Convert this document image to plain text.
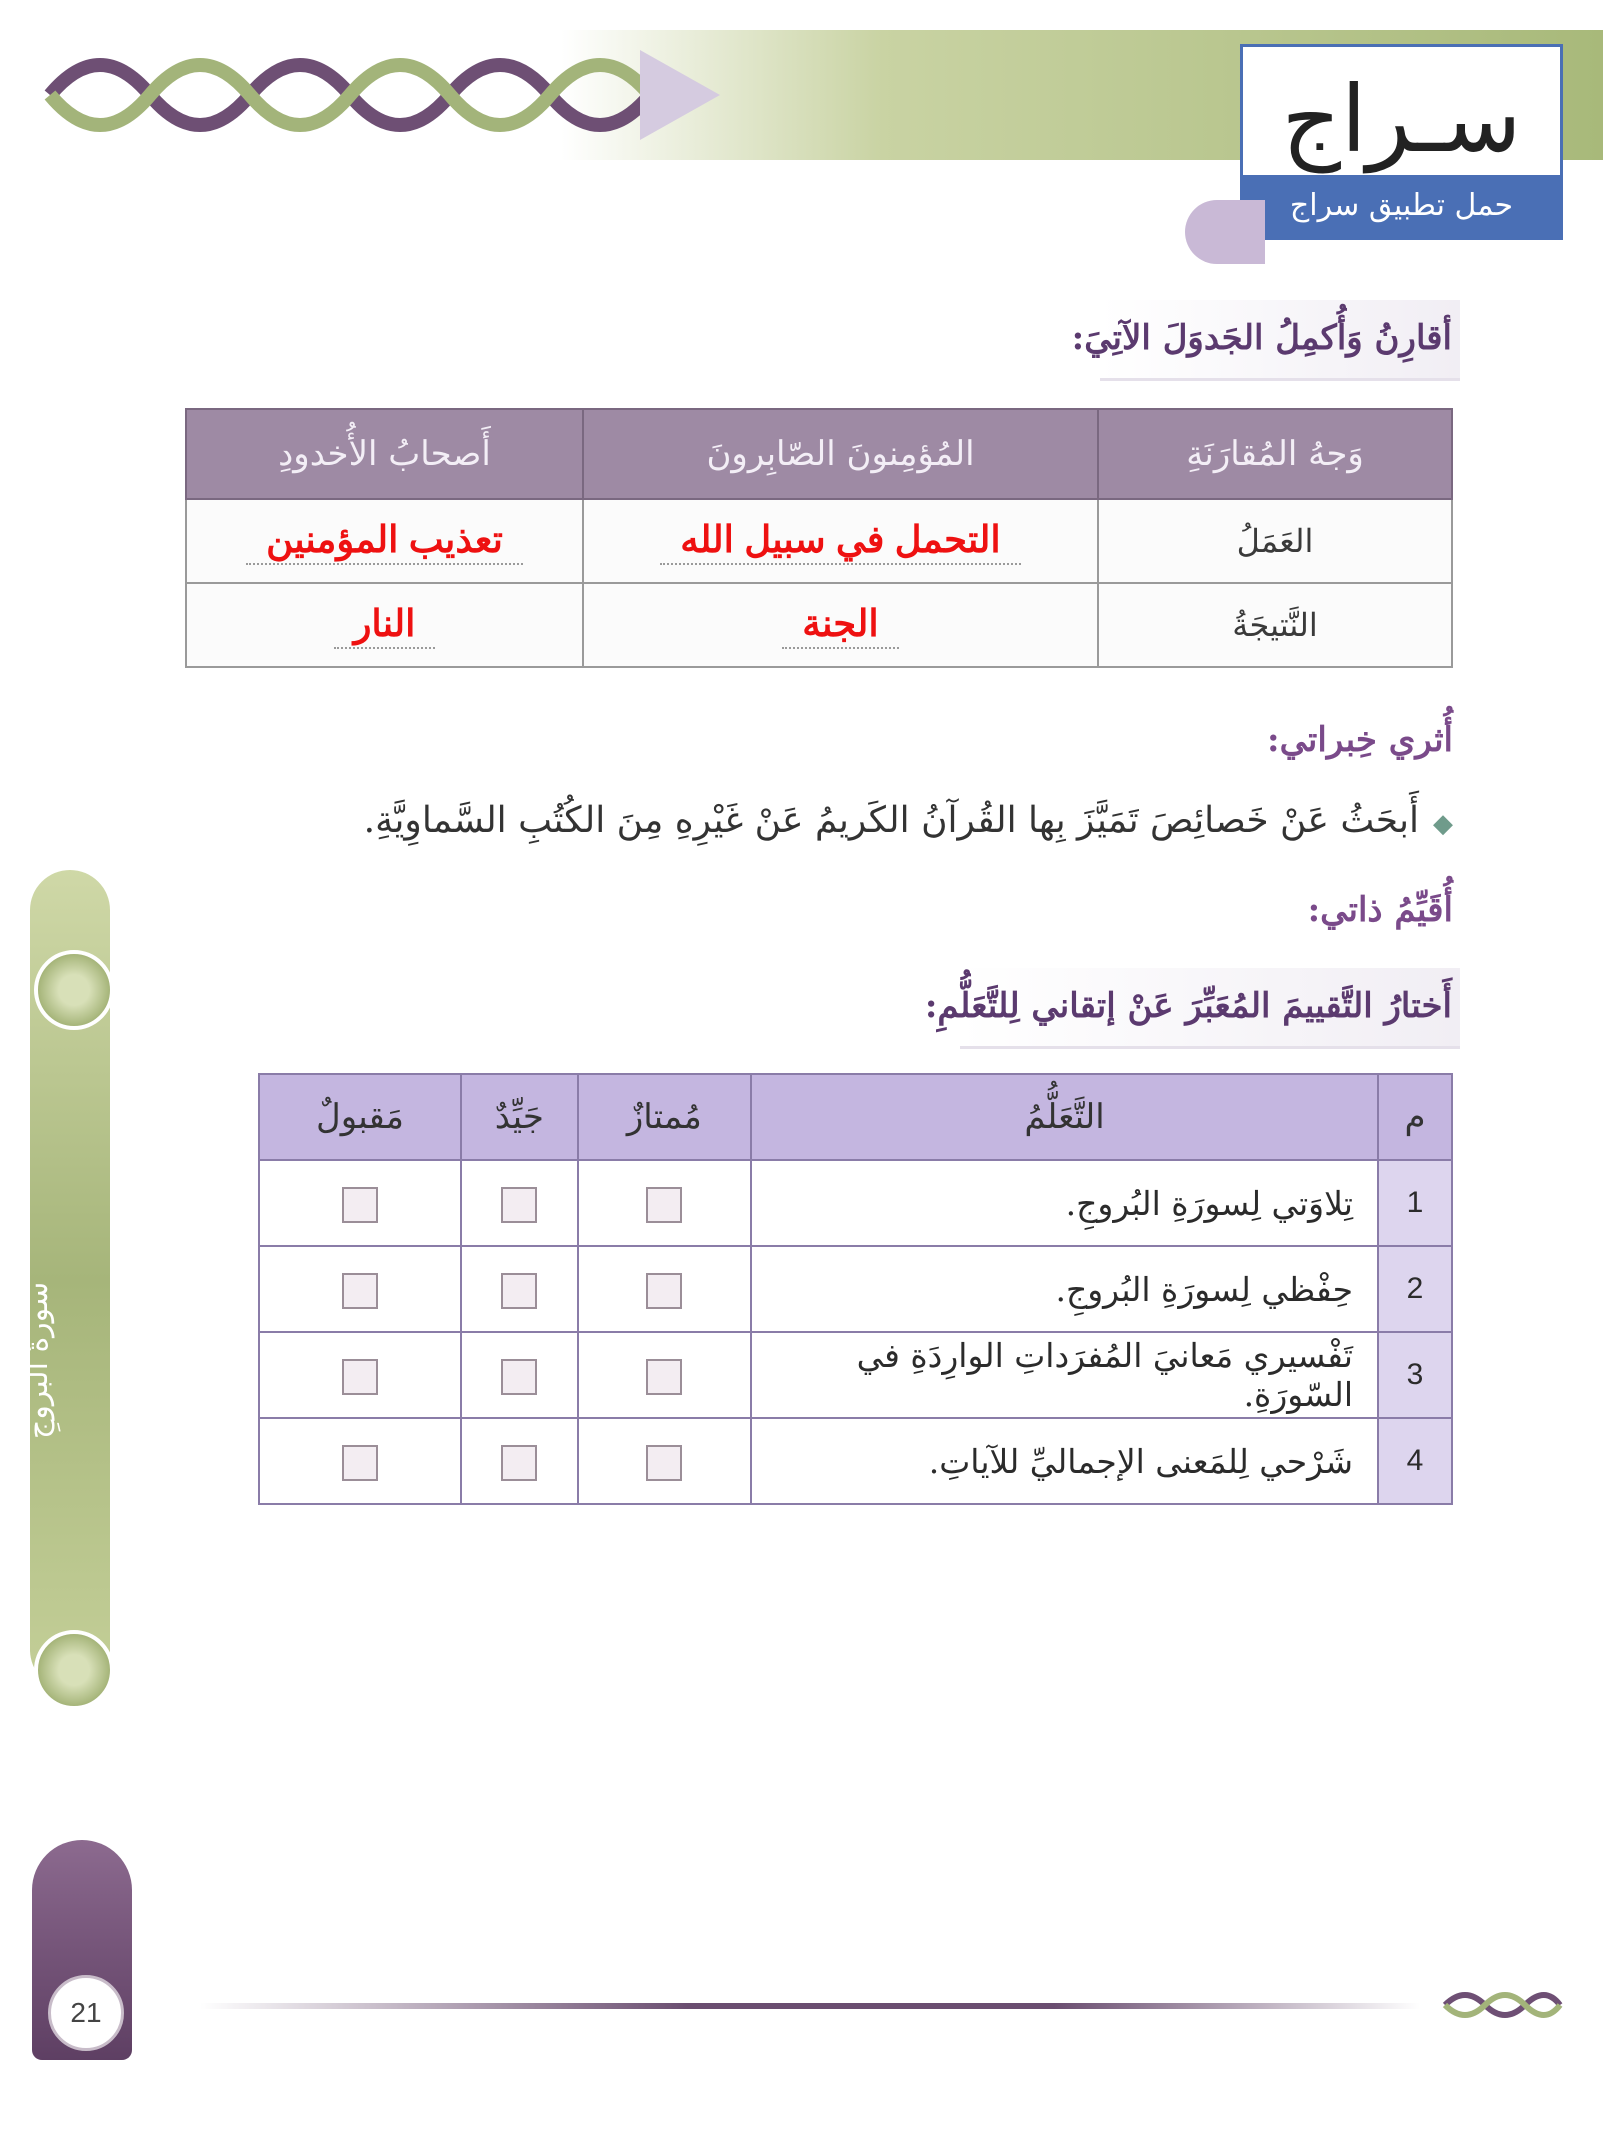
سـراج
حمل تطبيق سراج
أقارِنُ وَأُكمِلُ الجَدوَلَ الآتِيَ:
وَجهُ المُقارَنَةِ	المُؤمِنونَ الصّابِرونَ	أَصحابُ الأُخدودِ
العَمَلُ	التحمل في سبيل الله	تعذيب المؤمنين
النَّتيجَةُ	الجنة	النار
أُثري خِبراتي:
◆أَبحَثُ عَنْ خَصائِصَ تَمَيَّزَ بِها القُرآنُ الكَريمُ عَنْ غَيْرِهِ مِنَ الكُتُبِ السَّماوِيَّةِ.
أُقَيِّمُ ذاتي:
أَختارُ التَّقييمَ المُعَبِّرَ عَنْ إتقاني لِلتَّعَلُّمِ:
م	التَّعَلُّمُ	مُمتازٌ	جَيِّدٌ	مَقبولٌ
1	تِلاوَتي لِسورَةِ البُروجِ.			
2	حِفْظي لِسورَةِ البُروجِ.			
3	تَفْسيري مَعانيَ المُفرَداتِ الوارِدَةِ في السّورَةِ.			
4	شَرْحي لِلمَعنى الإجماليِّ للآياتِ.			
سورةُ البروجِ
21
